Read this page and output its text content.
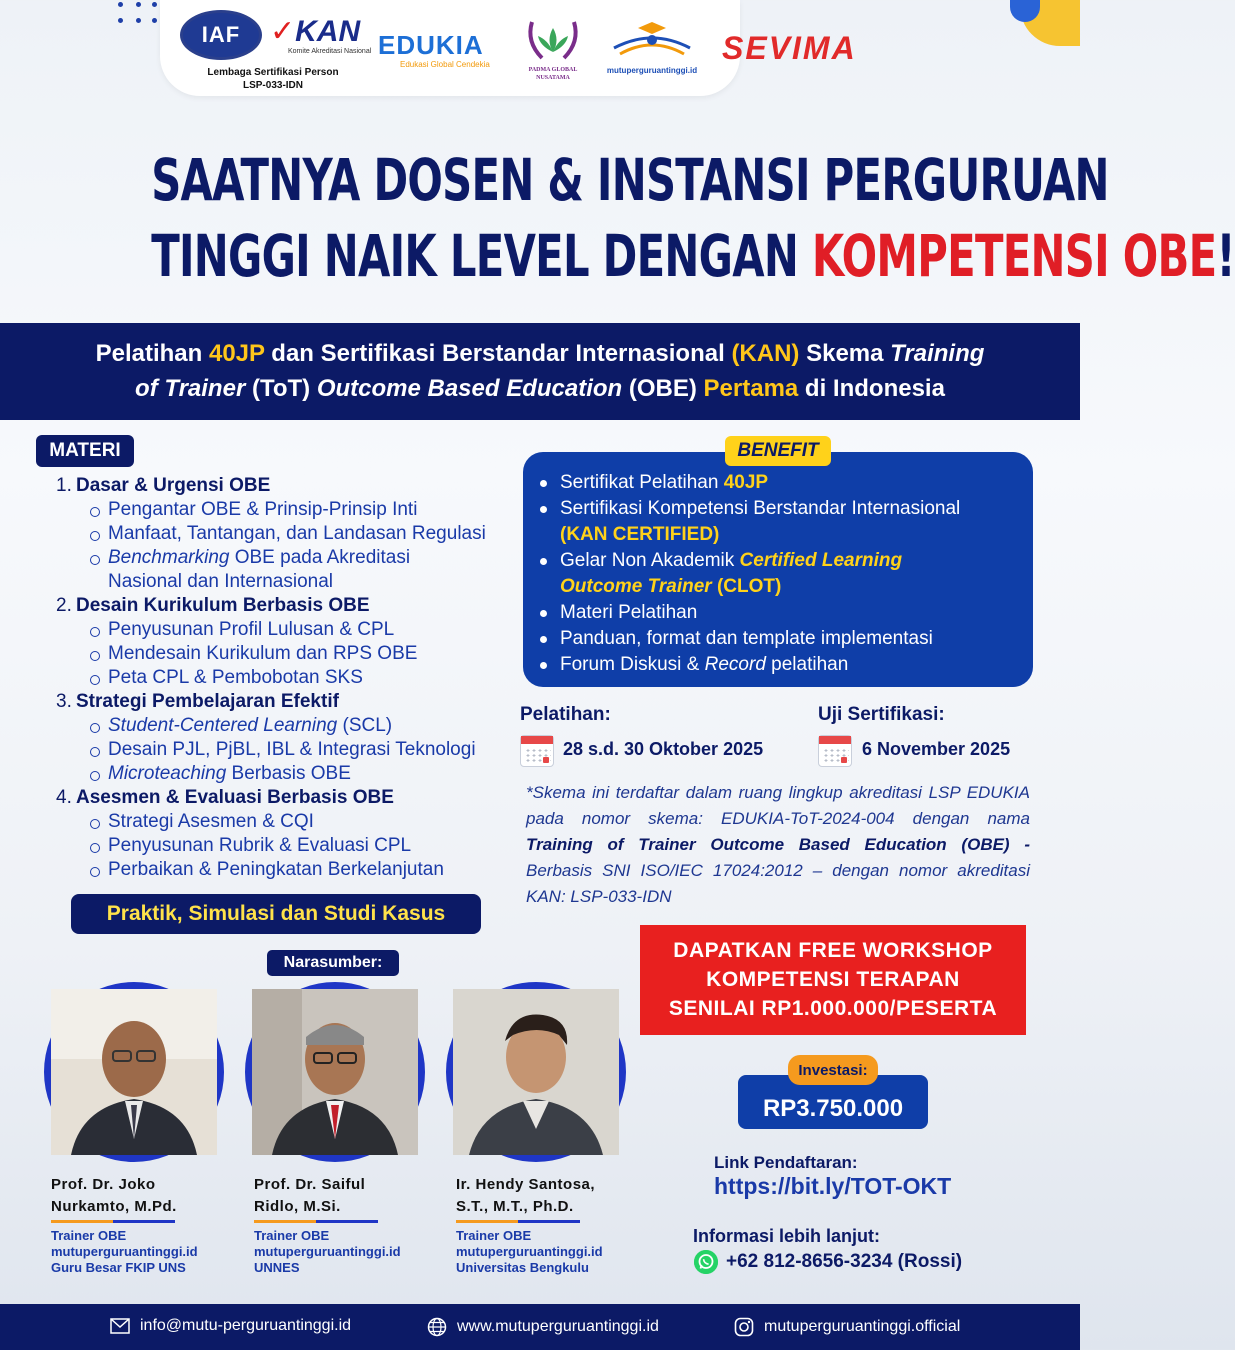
IAF ✓KAN
Komite Akreditasi Nasional
Lembaga Sertifikasi Person
LSP-033-IDN
EDUKIA
Edukasi Global Cendekia
PADMA GLOBAL
NUSATAMA
mutuperguruantinggi.id
SEVIMA
SAATNYA DOSEN & INSTANSI PERGURUAN
TINGGI NAIK LEVEL DENGAN KOMPETENSI OBE!
Pelatihan 40JP dan Sertifikasi Berstandar Internasional (KAN) Skema Training
of Trainer (ToT) Outcome Based Education (OBE) Pertama di Indonesia
MATERI
1. Dasar & Urgensi OBE
Pengantar OBE & Prinsip-Prinsip Inti
Manfaat, Tantangan, dan Landasan Regulasi
Benchmarking OBE pada Akreditasi
Nasional dan Internasional
2. Desain Kurikulum Berbasis OBE
Penyusunan Profil Lulusan & CPL
Mendesain Kurikulum dan RPS OBE
Peta CPL & Pembobotan SKS
3. Strategi Pembelajaran Efektif
Student-Centered Learning (SCL)
Desain PJL, PjBL, IBL & Integrasi Teknologi
Microteaching Berbasis OBE
4. Asesmen & Evaluasi Berbasis OBE
Strategi Asesmen & CQI
Penyusunan Rubrik & Evaluasi CPL
Perbaikan & Peningkatan Berkelanjutan
Praktik, Simulasi dan Studi Kasus
BENEFIT
Sertifikat Pelatihan 40JP
Sertifikasi Kompetensi Berstandar Internasional
(KAN CERTIFIED)
Gelar Non Akademik Certified Learning
Outcome Trainer (CLOT)
Materi Pelatihan
Panduan, format dan template implementasi
Forum Diskusi & Record pelatihan
Pelatihan:
28 s.d. 30 Oktober 2025
Uji Sertifikasi:
6 November 2025
*Skema ini terdaftar dalam ruang lingkup akreditasi LSP EDUKIA pada nomor skema: EDUKIA-ToT-2024-004 dengan nama Training of Trainer Outcome Based Education (OBE) - Berbasis SNI ISO/IEC 17024:2012 – dengan nomor akreditasi KAN: LSP-033-IDN
Narasumber:
Prof. Dr. Joko
Nurkamto, M.Pd.
Trainer OBE
mutuperguruantinggi.id
Guru Besar FKIP UNS
Prof. Dr. Saiful
Ridlo, M.Si.
Trainer OBE
mutuperguruantinggi.id
UNNES
Ir. Hendy Santosa,
S.T., M.T., Ph.D.
Trainer OBE
mutuperguruantinggi.id
Universitas Bengkulu
DAPATKAN FREE WORKSHOP
KOMPETENSI TERAPAN
SENILAI RP1.000.000/PESERTA
RP3.750.000
Investasi:
Link Pendaftaran:
https://bit.ly/TOT-OKT
Informasi lebih lanjut:
+62 812-8656-3234 (Rossi)
info@mutu-perguruantinggi.id	www.mutuperguruantinggi.id	mutuperguruantinggi.official
